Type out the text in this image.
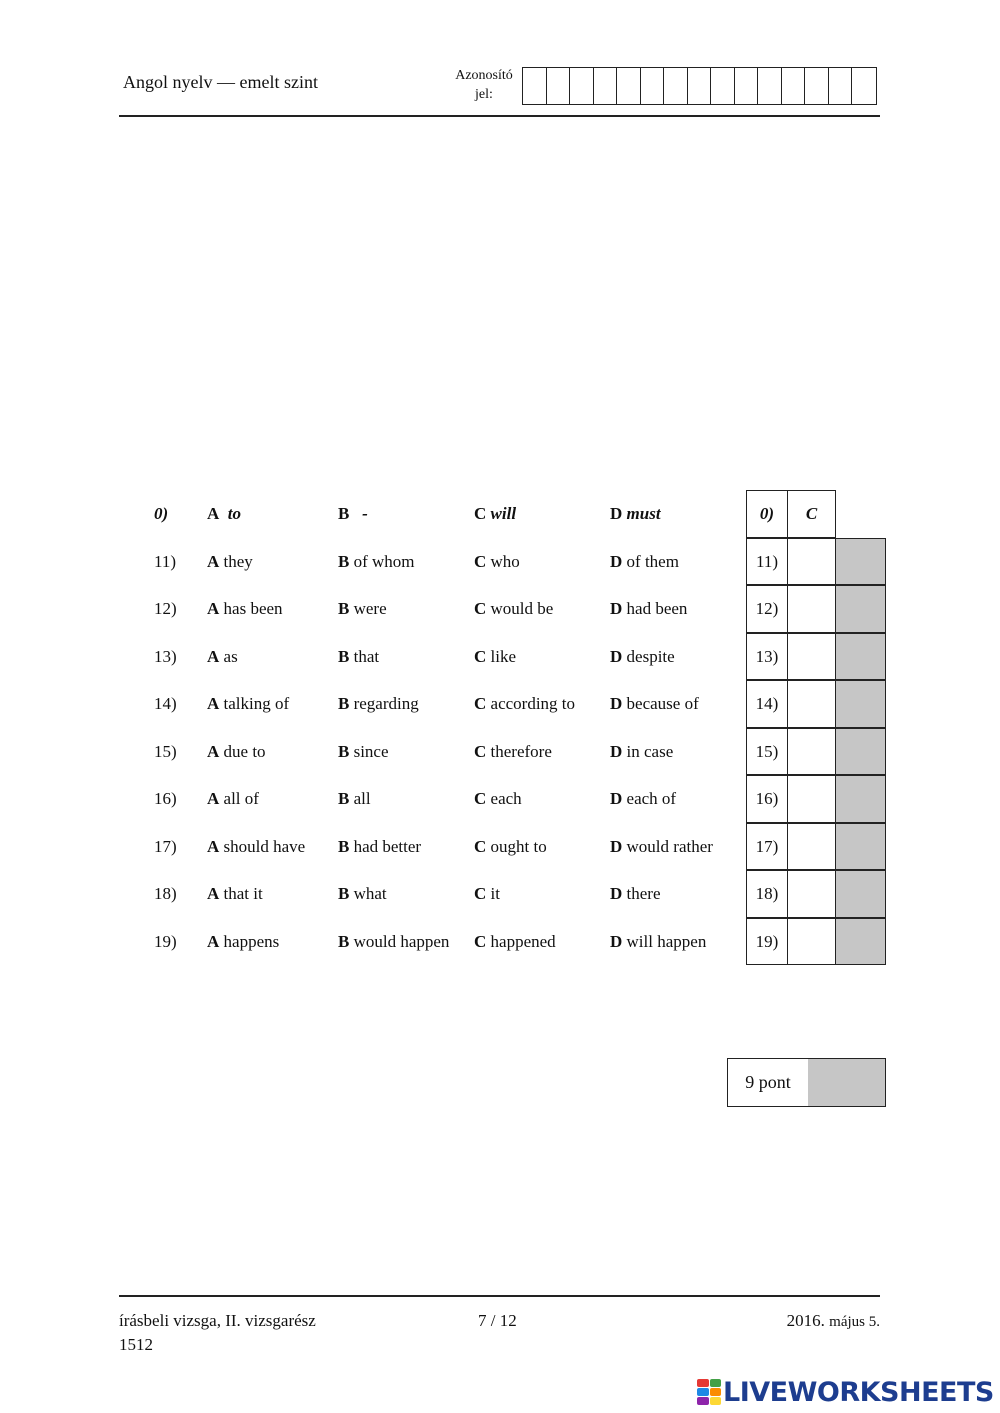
Angol nyelv — emelt szint	Azonosító
jel:
0) A to	B -	C will	D must
11) A they	B of whom	C who	D of them
12) A has been	B were	C would be	D had been
13) A as	B that	C like	D despite
14) A talking of	B regarding	C according to D because of
15) A due to	B since	C therefore	D in case
16) A all of	B all	C each	D each of
17) A should have B had better	C ought to	D would rather
18) A that it	B what	C it	D there
19) A happens	B would happen C happened	D will happen
0)	C
11)
12)
13)
14)
15)
16)
17)
18)
19)
9 pont
írásbeli vizsga, II. vizsgarész
1512
7 / 12	2016. május 5.
LIVEWORKSHEETS
